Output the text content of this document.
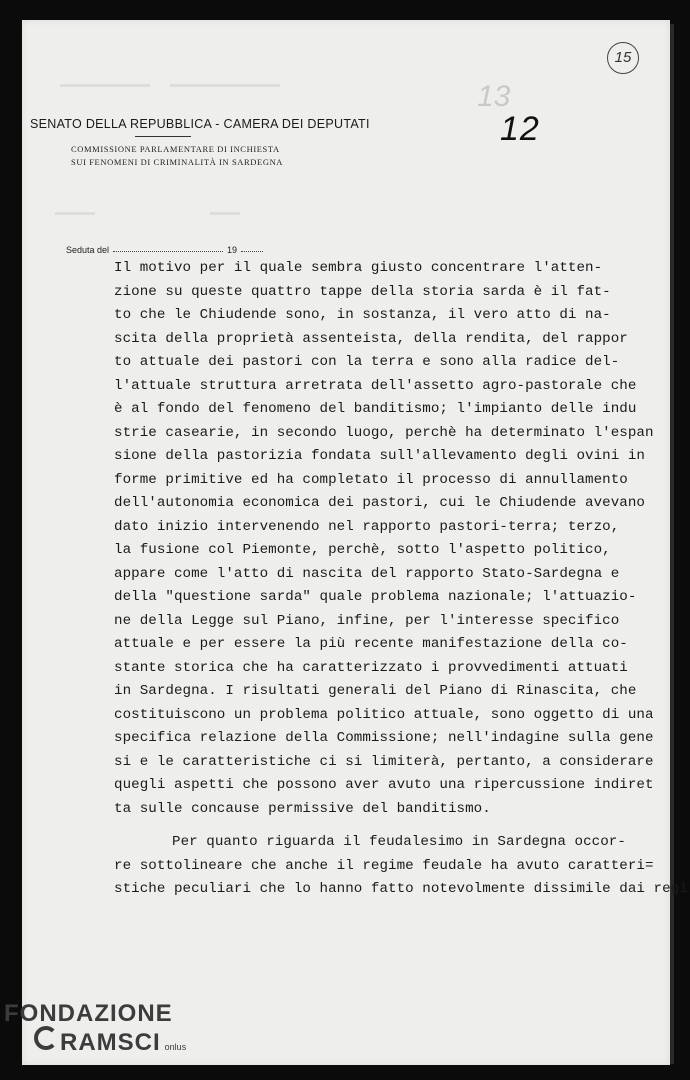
15
13
12
SENATO DELLA REPUBBLICA - CAMERA DEI DEPUTATI
COMMISSIONE PARLAMENTARE DI INCHIESTA
SUI FENOMENI DI CRIMINALITÀ IN SARDEGNA
Seduta del	19
Il motivo per il quale sembra giusto concentrare l'atten-
zione su queste quattro tappe della storia sarda è il fat-
to che le Chiudende sono, in sostanza, il vero atto di na-
scita della proprietà assenteista, della rendita, del rappor
to attuale dei pastori con la terra e sono alla radice del-
l'attuale struttura arretrata dell'assetto agro-pastorale che
è al fondo del fenomeno del banditismo; l'impianto delle indu
strie casearie, in secondo luogo, perchè ha determinato l'espan
sione della pastorizia fondata sull'allevamento degli ovini in
forme primitive ed ha completato il processo di annullamento
dell'autonomia economica dei pastori, cui le Chiudende avevano
dato inizio intervenendo nel rapporto pastori-terra; terzo,
la fusione col Piemonte, perchè, sotto l'aspetto politico,
appare come l'atto di nascita del rapporto Stato-Sardegna e
della "questione sarda" quale problema nazionale; l'attuazio-
ne della Legge sul Piano, infine, per l'interesse specifico
attuale e per essere la più recente manifestazione della co-
stante storica che ha caratterizzato i provvedimenti attuati
in Sardegna. I risultati generali del Piano di Rinascita, che
costituiscono un problema politico attuale, sono oggetto di una
specifica relazione della Commissione; nell'indagine sulla gene
si e le caratteristiche ci si limiterà, pertanto, a considerare
quegli aspetti che possono aver avuto una ripercussione indiret
ta sulle concause permissive del banditismo.
Per quanto riguarda il feudalesimo in Sardegna occor-
re sottolineare che anche il regime feudale ha avuto caratteri=
stiche peculiari che lo hanno fatto notevolmente dissimile dai regi
FONDAZIONE
RAMSCI onlus
